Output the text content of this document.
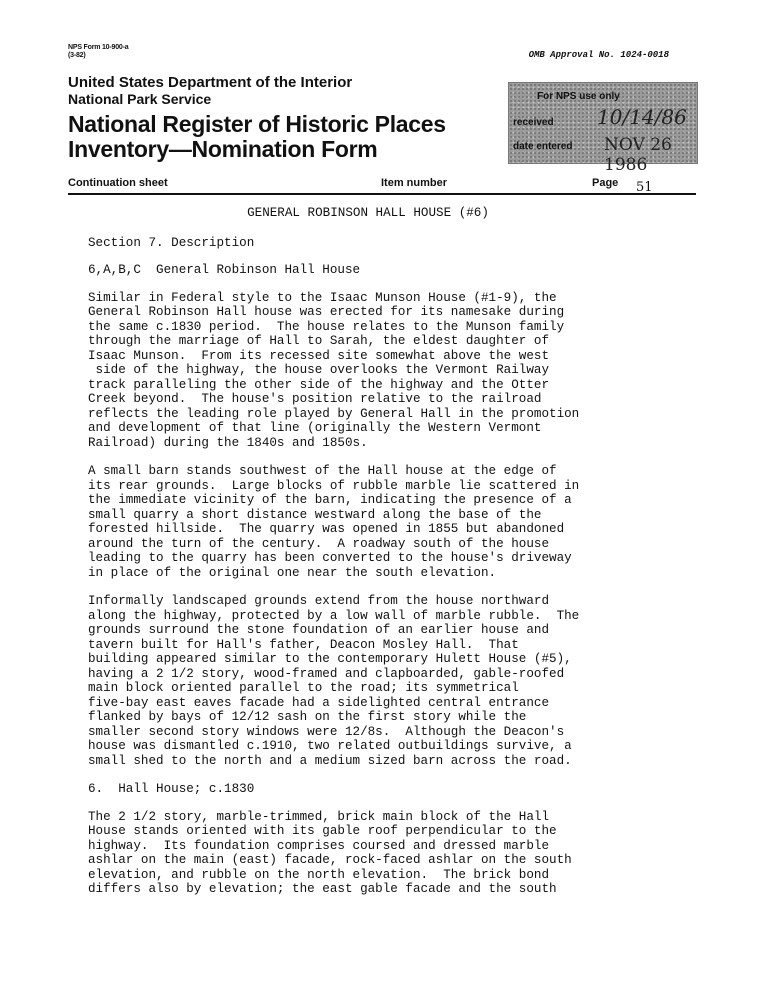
NPS Form 10-900-a
(3-82)	OMB Approval No. 1024-0018
United States Department of the Interior
National Park Service
National Register of Historic Places
Inventory—Nomination Form
For NPS use only
received 10/14/86
date entered NOV 26 1986
Continuation sheet	Item number	Page 51
GENERAL ROBINSON HALL HOUSE (#6)
Section 7. Description
6,A,B,C  General Robinson Hall House
Similar in Federal style to the Isaac Munson House (#1-9), the
General Robinson Hall house was erected for its namesake during
the same c.1830 period.  The house relates to the Munson family
through the marriage of Hall to Sarah, the eldest daughter of
Isaac Munson.  From its recessed site somewhat above the west
side of the highway, the house overlooks the Vermont Railway
track paralleling the other side of the highway and the Otter
Creek beyond.  The house's position relative to the railroad
reflects the leading role played by General Hall in the promotion
and development of that line (originally the Western Vermont
Railroad) during the 1840s and 1850s.
A small barn stands southwest of the Hall house at the edge of
its rear grounds.  Large blocks of rubble marble lie scattered in
the immediate vicinity of the barn, indicating the presence of a
small quarry a short distance westward along the base of the
forested hillside.  The quarry was opened in 1855 but abandoned
around the turn of the century.  A roadway south of the house
leading to the quarry has been converted to the house's driveway
in place of the original one near the south elevation.
Informally landscaped grounds extend from the house northward
along the highway, protected by a low wall of marble rubble.  The
grounds surround the stone foundation of an earlier house and
tavern built for Hall's father, Deacon Mosley Hall.  That
building appeared similar to the contemporary Hulett House (#5),
having a 2 1/2 story, wood-framed and clapboarded, gable-roofed
main block oriented parallel to the road; its symmetrical
five-bay east eaves facade had a sidelighted central entrance
flanked by bays of 12/12 sash on the first story while the
smaller second story windows were 12/8s.  Although the Deacon's
house was dismantled c.1910, two related outbuildings survive, a
small shed to the north and a medium sized barn across the road.
6.  Hall House; c.1830
The 2 1/2 story, marble-trimmed, brick main block of the Hall
House stands oriented with its gable roof perpendicular to the
highway.  Its foundation comprises coursed and dressed marble
ashlar on the main (east) facade, rock-faced ashlar on the south
elevation, and rubble on the north elevation.  The brick bond
differs also by elevation; the east gable facade and the south
